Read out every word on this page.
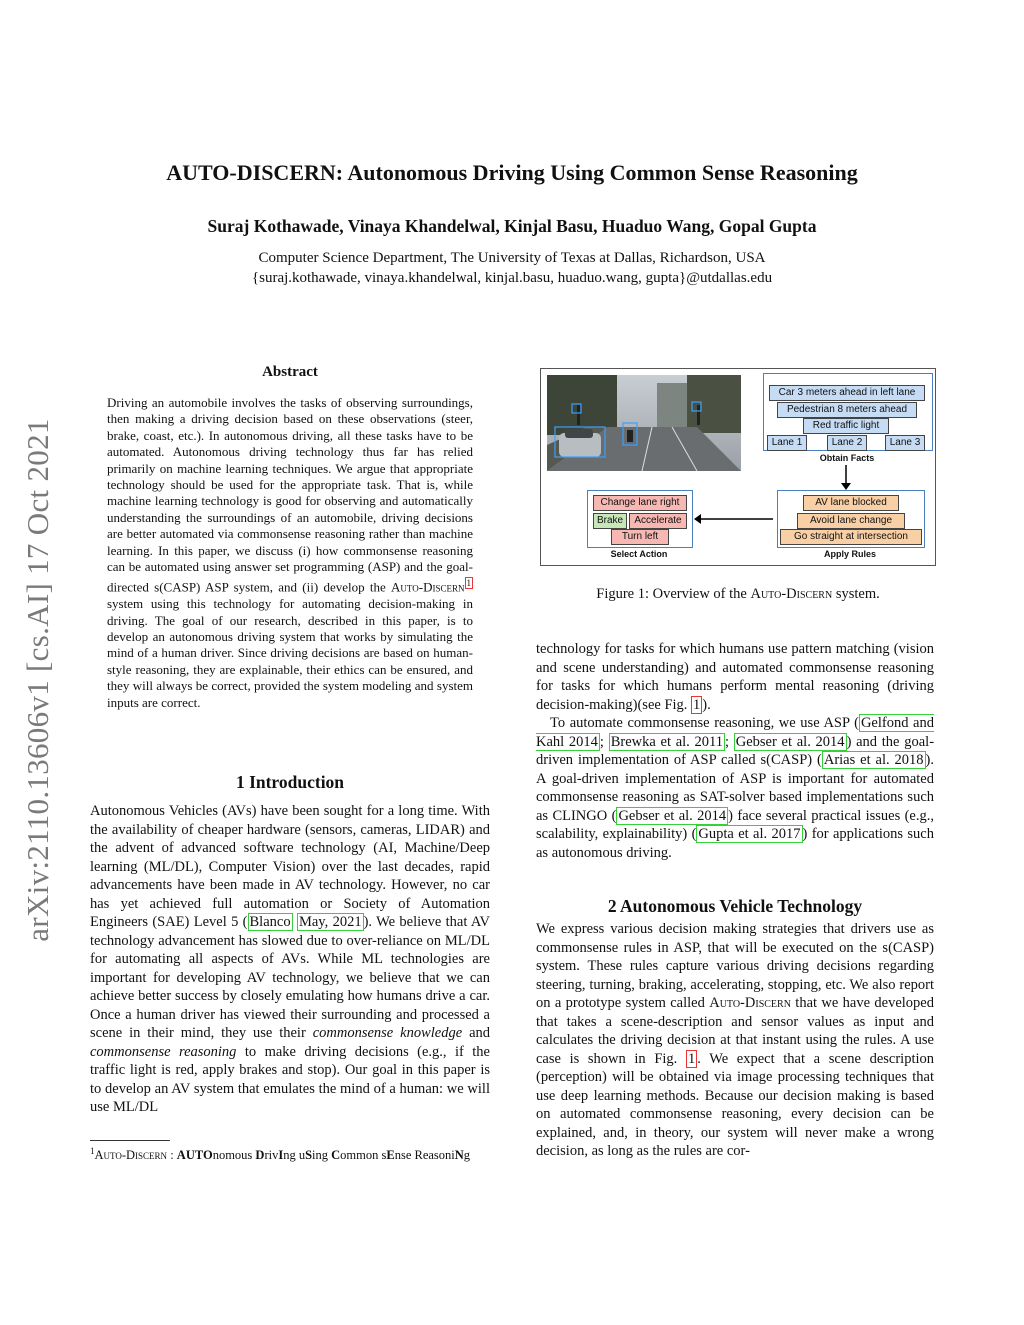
AUTO-DISCERN: Autonomous Driving Using Common Sense Reasoning
Suraj Kothawade, Vinaya Khandelwal, Kinjal Basu, Huaduo Wang, Gopal Gupta
Computer Science Department, The University of Texas at Dallas, Richardson, USA
{suraj.kothawade, vinaya.khandelwal, kinjal.basu, huaduo.wang, gupta}@utdallas.edu
arXiv:2110.13606v1 [cs.AI] 17 Oct 2021
Abstract
Driving an automobile involves the tasks of observing surroundings, then making a driving decision based on these observations (steer, brake, coast, etc.). In autonomous driving, all these tasks have to be automated. Autonomous driving technology thus far has relied primarily on machine learning techniques. We argue that appropriate technology should be used for the appropriate task. That is, while machine learning technology is good for observing and automatically understanding the surroundings of an automobile, driving decisions are better automated via commonsense reasoning rather than machine learning. In this paper, we discuss (i) how commonsense reasoning can be automated using answer set programming (ASP) and the goal-directed s(CASP) ASP system, and (ii) develop the Auto-Discern $^1$ system using this technology for automating decision-making in driving. The goal of our research, described in this paper, is to develop an autonomous driving system that works by simulating the mind of a human driver. Since driving decisions are based on human-style reasoning, they are explainable, their ethics can be ensured, and they will always be correct, provided the system modeling and system inputs are correct.
1 Introduction
Autonomous Vehicles (AVs) have been sought for a long time. With the availability of cheaper hardware (sensors, cameras, LIDAR) and the advent of advanced software technology (AI, Machine/Deep learning (ML/DL), Computer Vision) over the last decades, rapid advancements have been made in AV technology. However, no car has yet achieved full automation or Society of Automation Engineers (SAE) Level 5 ( Blanco May, 2021 ). We believe that AV technology advancement has slowed due to over-reliance on ML/DL for automating all aspects of AVs. While ML technologies are important for developing AV technology, we believe that we can achieve better success by closely emulating how humans drive a car. Once a human driver has viewed their surrounding and processed a scene in their mind, they use their commonsense knowledge and commonsense reasoning to make driving decisions (e.g., if the traffic light is red, apply brakes and stop). Our goal in this paper is to develop an AV system that emulates the mind of a human: we will use ML/DL
$^1$Auto-Discern : AUTOnomous DrivIng uSing Common sEnse ReasoniNg
Car 3 meters ahead in left lane
Pedestrian 8 meters ahead
Red traffic light
Lane 1	Lane 2	Lane 3
Obtain Facts
AV lane blocked
Avoid lane change
Go straight at intersection
Apply Rules
Change lane right
Brake	Accelerate
Turn left
Select Action
Figure 1: Overview of the Auto-Discern system.
technology for tasks for which humans use pattern matching (vision and scene understanding) and automated commonsense reasoning for tasks for which humans perform mental reasoning (driving decision-making)(see Fig. 1 ).
To automate commonsense reasoning, we use ASP ( Gelfond and Kahl 2014 ; Brewka et al. 2011 ; Gebser et al. 2014 ) and the goal-driven implementation of ASP called s(CASP) ( Arias et al. 2018 ). A goal-driven implementation of ASP is important for automated commonsense reasoning as SAT-solver based implementations such as CLINGO ( Gebser et al. 2014 ) face several practical issues (e.g., scalability, explainability) ( Gupta et al. 2017 ) for applications such as autonomous driving.
2 Autonomous Vehicle Technology
We express various decision making strategies that drivers use as commonsense rules in ASP, that will be executed on the s(CASP) system. These rules capture various driving decisions regarding steering, turning, braking, accelerating, stopping, etc. We also report on a prototype system called Auto-Discern that we have developed that takes a scene-description and sensor values as input and calculates the driving decision at that instant using the rules. A use case is shown in Fig. 1 . We expect that a scene description (perception) will be obtained via image processing techniques that use deep learning methods. Because our decision making is based on automated commonsense reasoning, every decision can be explained, and, in theory, our system will never make a wrong decision, as long as the rules are cor-
